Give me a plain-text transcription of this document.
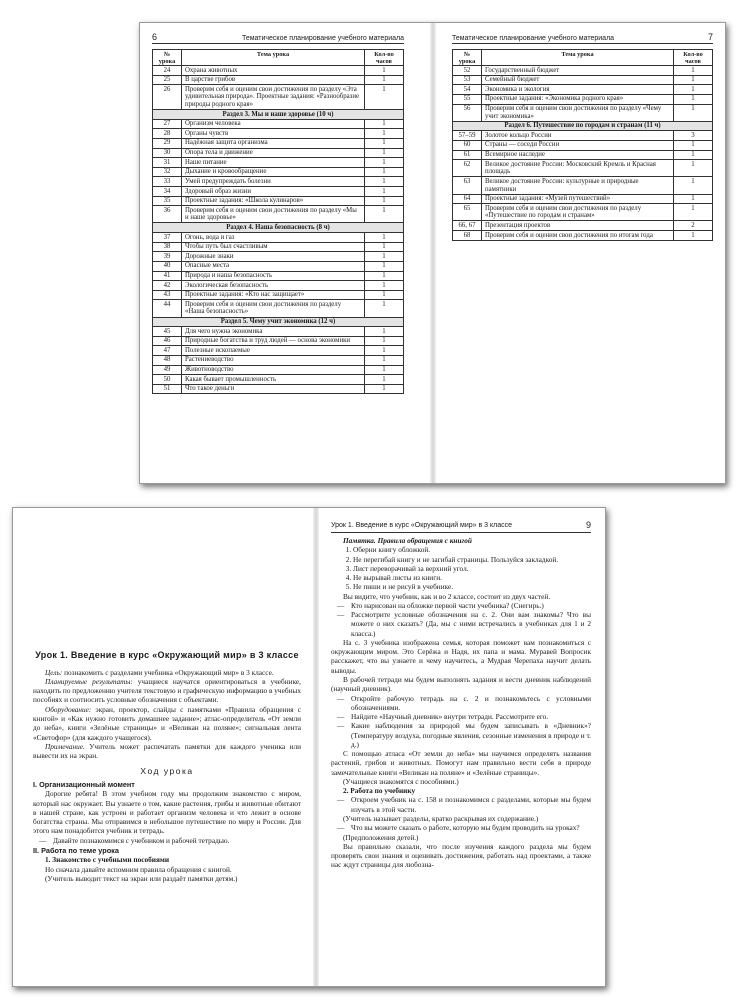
6	Тематическое планирование учебного материала
№ урока	Тема урока	Кол-во часов
24	Охрана животных	1
25	В царстве грибов	1
26	Проверим себя и оценим свои достижения по разделу «Эта удивительная природа». Проектные задания: «Разнообразие природы родного края»	1
Раздел 3. Мы и наше здоровье (10 ч)		
27	Организм человека	1
28	Органы чувств	1
29	Надёжная защита организма	1
30	Опора тела и движение	1
31	Наше питание	1
32	Дыхание и кровообращение	1
33	Умей предупреждать болезни	1
34	Здоровый образ жизни	1
35	Проектные задания: «Школа кулинаров»	1
36	Проверим себя и оценим свои достижения по разделу «Мы и наше здоровье»	1
Раздел 4. Наша безопасность (8 ч)		
37	Огонь, вода и газ	1
38	Чтобы путь был счастливым	1
39	Дорожные знаки	1
40	Опасные места	1
41	Природа и наша безопасность	1
42	Экологическая безопасность	1
43	Проектные задания: «Кто нас защищает»	1
44	Проверим себя и оценим свои достижения по разделу «Наша безопасность»	1
Раздел 5. Чему учит экономика (12 ч)		
45	Для чего нужна экономика	1
46	Природные богатства и труд людей — основа экономики	1
47	Полезные ископаемые	1
48	Растениеводство	1
49	Животноводство	1
50	Какая бывает промышленность	1
51	Что такое деньги	1
Тематическое планирование учебного материала	7
№ урока	Тема урока	Кол-во часов
52	Государственный бюджет	1
53	Семейный бюджет	1
54	Экономика и экология	1
55	Проектные задания: «Экономика родного края»	1
56	Проверим себя и оценим свои достижения по разделу «Чему учит экономика»	1
Раздел 6. Путешествие по городам и странам (11 ч)		
57–59	Золотое кольцо России	3
60	Страны — соседи России	1
61	Всемирное наследие	1
62	Великое достояние России: Московский Кремль и Красная площадь	1
63	Великое достояние России: культурные и природные памятники	1
64	Проектные задания: «Музей путешествий»	1
65	Проверим себя и оценим свои достижения по разделу «Путешествие по городам и странам»	1
66, 67	Презентация проектов	2
68	Проверим себя и оценим свои достижения по итогам года	1
Урок 1. Введение в курс «Окружающий мир» в 3 классе

Цель: познакомить с разделами учебника «Окружающий мир» в 3 классе.

Планируемые результаты: учащиеся научатся ориентироваться в учебнике, находить по предложению учителя текстовую и графическую информацию в учебных пособиях и соотносить условные обозначения с объектами.

Оборудование: экран, проектор, слайды с памятками «Правила обращения с книгой» и «Как нужно готовить домашнее задание»; атлас-определитель «От земли до неба», книги «Зелёные страницы» и «Великан на поляне»; сигнальная лента «Светофор» (для каждого учащегося).

Примечание. Учитель может распечатать памятки для каждого ученика или вывести их на экран.

Ход урока

I. Организационный момент

Дорогие ребята! В этом учебном году мы продолжим знакомство с миром, который нас окружает. Вы узнаете о том, какие растения, грибы и животные обитают в нашей стране, как устроен и работает организм человека и что лежит в основе богатства страны. Мы отправимся в небольшое путешествие по миру и России. Для этого нам понадобится учебник и тетрадь.

— Давайте познакомимся с учебником и рабочей тетрадью.

II. Работа по теме урока

1. Знакомство с учебными пособиями

Но сначала давайте вспомним правила обращения с книгой.

(Учитель выводит текст на экран или раздаёт памятки детям.)

Урок 1. Введение в курс «Окружающий мир» в 3 классе	9

Памятка. Правила обращения с книгой

1. Оберни книгу обложкой.
2. Не перегибай книгу и не загибай страницы. Пользуйся закладкой.
3. Лист переворачивай за верхний угол.
4. Не вырывай листы из книги.
5. Не пиши и не рисуй в учебнике.

Вы видите, что учебник, как и во 2 классе, состоит из двух частей.

— Кто нарисован на обложке первой части учебника? (Снегирь.)

— Рассмотрите условные обозначения на с. 2. Они вам знакомы? Что вы можете о них сказать? (Да, мы с ними встречались в учебниках для 1 и 2 класса.)

На с. 3 учебника изображена семья, которая поможет вам познакомиться с окружающим миром. Это Серёжа и Надя, их папа и мама. Муравей Вопросик расскажет, что вы узнаете и чему научитесь, а Мудрая Черепаха научит делать выводы.

В рабочей тетради мы будем выполнять задания и вести дневник наблюдений (научный дневник).

— Откройте рабочую тетрадь на с. 2 и познакомьтесь с условными обозначениями.

— Найдите «Научный дневник» внутри тетради. Рассмотрите его.

— Какие наблюдения за природой мы будем записывать в «Дневник»? (Температуру воздуха, погодные явления, сезонные изменения в природе и т. д.)

С помощью атласа «От земли до неба» мы научимся определять названия растений, грибов и животных. Помогут нам правильно вести себя в природе замечательные книги «Великан на поляне» и «Зелёные страницы».

(Учащиеся знакомятся с пособиями.)

2. Работа по учебнику

— Откроем учебник на с. 158 и познакомимся с разделами, которые мы будем изучать в этой части.

(Учитель называет разделы, кратко раскрывая их содержание.)

— Что вы можете сказать о работе, которую мы будем проводить на уроках?

(Предположения детей.)

Вы правильно сказали, что после изучения каждого раздела мы будем проверять свои знания и оценивать достижения, работать над проектами, а также нас ждут страницы для любозна-
